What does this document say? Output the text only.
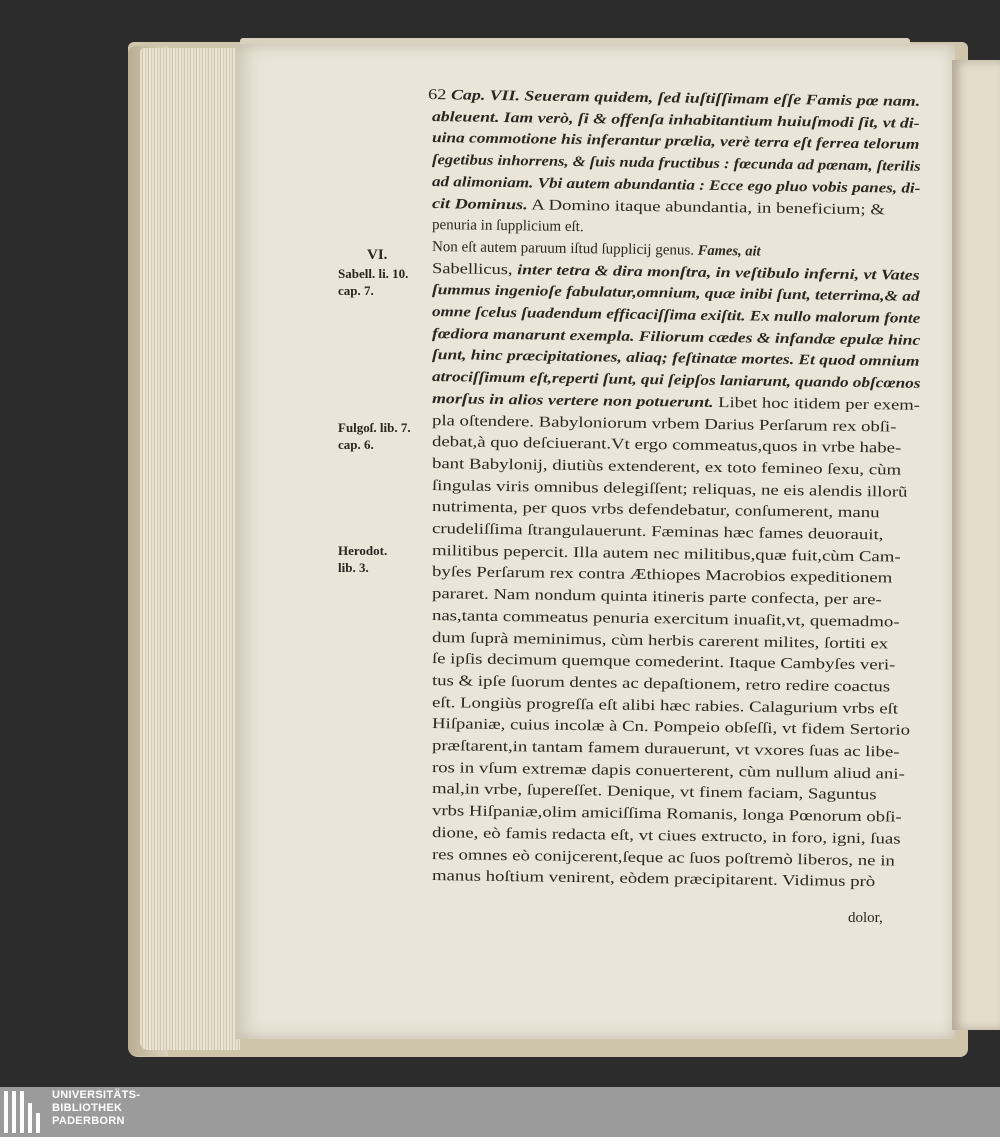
62 Cap. VII. Seueram quidem, ſed iuſtiſſimam eſſe Famis pœ nam.
ableuent. Iam verò, ſi & offenſa inhabitantium huiuſmodi ſit, vt di-
uina commotione his inferantur prælia, verè terra eſt ferrea telorum
ſegetibus inhorrens, & ſuis nuda fructibus : fœcunda ad pœnam, ſterilis
ad alimoniam. Vbi autem abundantia : Ecce ego pluo vobis panes, di-
cit Dominus. A Domino itaque abundantia, in beneficium; &
penuria in ſupplicium eſt.
Non eſt autem paruum iſtud ſupplicij genus. Fames, ait
Sabellicus, inter tetra & dira monſtra, in veſtibulo inferni, vt Vates
ſummus ingenioſe fabulatur,omnium, quæ inibi ſunt, teterrima,& ad
omne ſcelus ſuadendum efficaciſſima exiſtit. Ex nullo malorum fonte
fœdiora manarunt exempla. Filiorum cædes & infandæ epulæ hinc
ſunt, hinc præcipitationes, aliaq; feſtinatæ mortes. Et quod omnium
atrociſſimum eſt,reperti ſunt, qui ſeipſos laniarunt, quando obſcœnos
morſus in alios vertere non potuerunt. Libet hoc itidem per exem-
pla oſtendere. Babyloniorum vrbem Darius Perſarum rex obſi-
debat,à quo deſciuerant.Vt ergo commeatus,quos in vrbe habe-
bant Babylonij, diutiùs extenderent, ex toto femineo ſexu, cùm
ſingulas viris omnibus delegiſſent; reliquas, ne eis alendis illorũ
nutrimenta, per quos vrbs defendebatur, conſumerent, manu
crudeliſſima ſtrangulauerunt. Fæminas hæc fames deuorauit,
militibus pepercit. Illa autem nec militibus,quæ fuit,cùm Cam-
byſes Perſarum rex contra Æthiopes Macrobios expeditionem
pararet. Nam nondum quinta itineris parte confecta, per are-
nas,tanta commeatus penuria exercitum inuaſit,vt, quemadmo-
dum ſuprà meminimus, cùm herbis carerent milites, ſortiti ex
ſe ipſis decimum quemque comederint. Itaque Cambyſes veri-
tus & ipſe ſuorum dentes ac depaſtionem, retro redire coactus
eſt. Longiùs progreſſa eſt alibi hæc rabies. Calagurium vrbs eſt
Hiſpaniæ, cuius incolæ à Cn. Pompeio obſeſſi, vt fidem Sertorio
præſtarent,in tantam famem durauerunt, vt vxores ſuas ac libe-
ros in vſum extremæ dapis conuerterent, cùm nullum aliud ani-
mal,in vrbe, ſupereſſet. Denique, vt finem faciam, Saguntus
vrbs Hiſpaniæ,olim amiciſſima Romanis, longa Pœnorum obſi-
dione, eò famis redacta eſt, vt ciues extructo, in foro, igni, ſuas
res omnes eò conijcerent,ſeque ac ſuos poſtremò liberos, ne in
manus hoſtium venirent, eòdem præcipitarent. Vidimus prò
dolor,
VI.
Sabell. li. 10.
cap. 7.
Fulgoſ. lib. 7.
cap. 6.
Herodot.
lib. 3.
UNIVERSITÄTS-
BIBLIOTHEK
PADERBORN
